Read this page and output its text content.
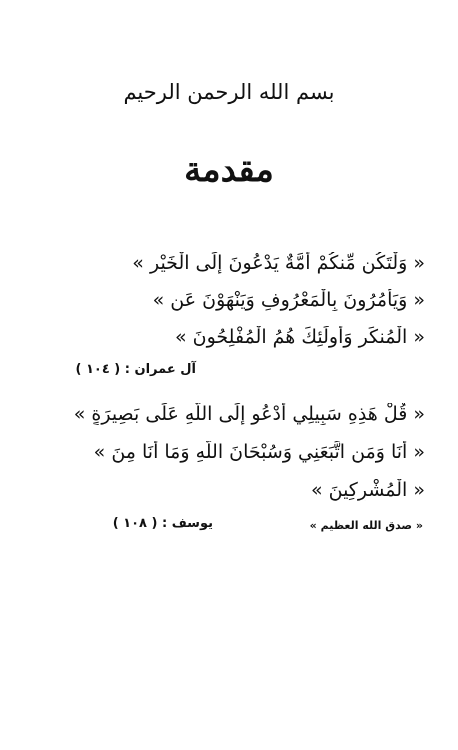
بسم الله الرحمن الرحيم
مقدمة
« وَلْتَكُن مِّنكُمْ أُمَّةٌ يَدْعُونَ إِلَى الْخَيْرِ »
« وَيَأْمُرُونَ بِالْمَعْرُوفِ وَيَنْهَوْنَ عَنِ »
« الْمُنكَرِ وَأُولَئِكَ هُمُ الْمُفْلِحُونَ »
آل عمران : ( ١٠٤ )
« قُلْ هَذِهِ سَبِيلِي أَدْعُو إِلَى اللَّهِ عَلَى بَصِيرَةٍ »
« أَنَا وَمَنِ اتَّبَعَنِي وَسُبْحَانَ اللَّهِ وَمَا أَنَا مِنَ »
« الْمُشْرِكِينَ »
يوسف : ( ١٠٨ )	« صدق الله العظيم »
